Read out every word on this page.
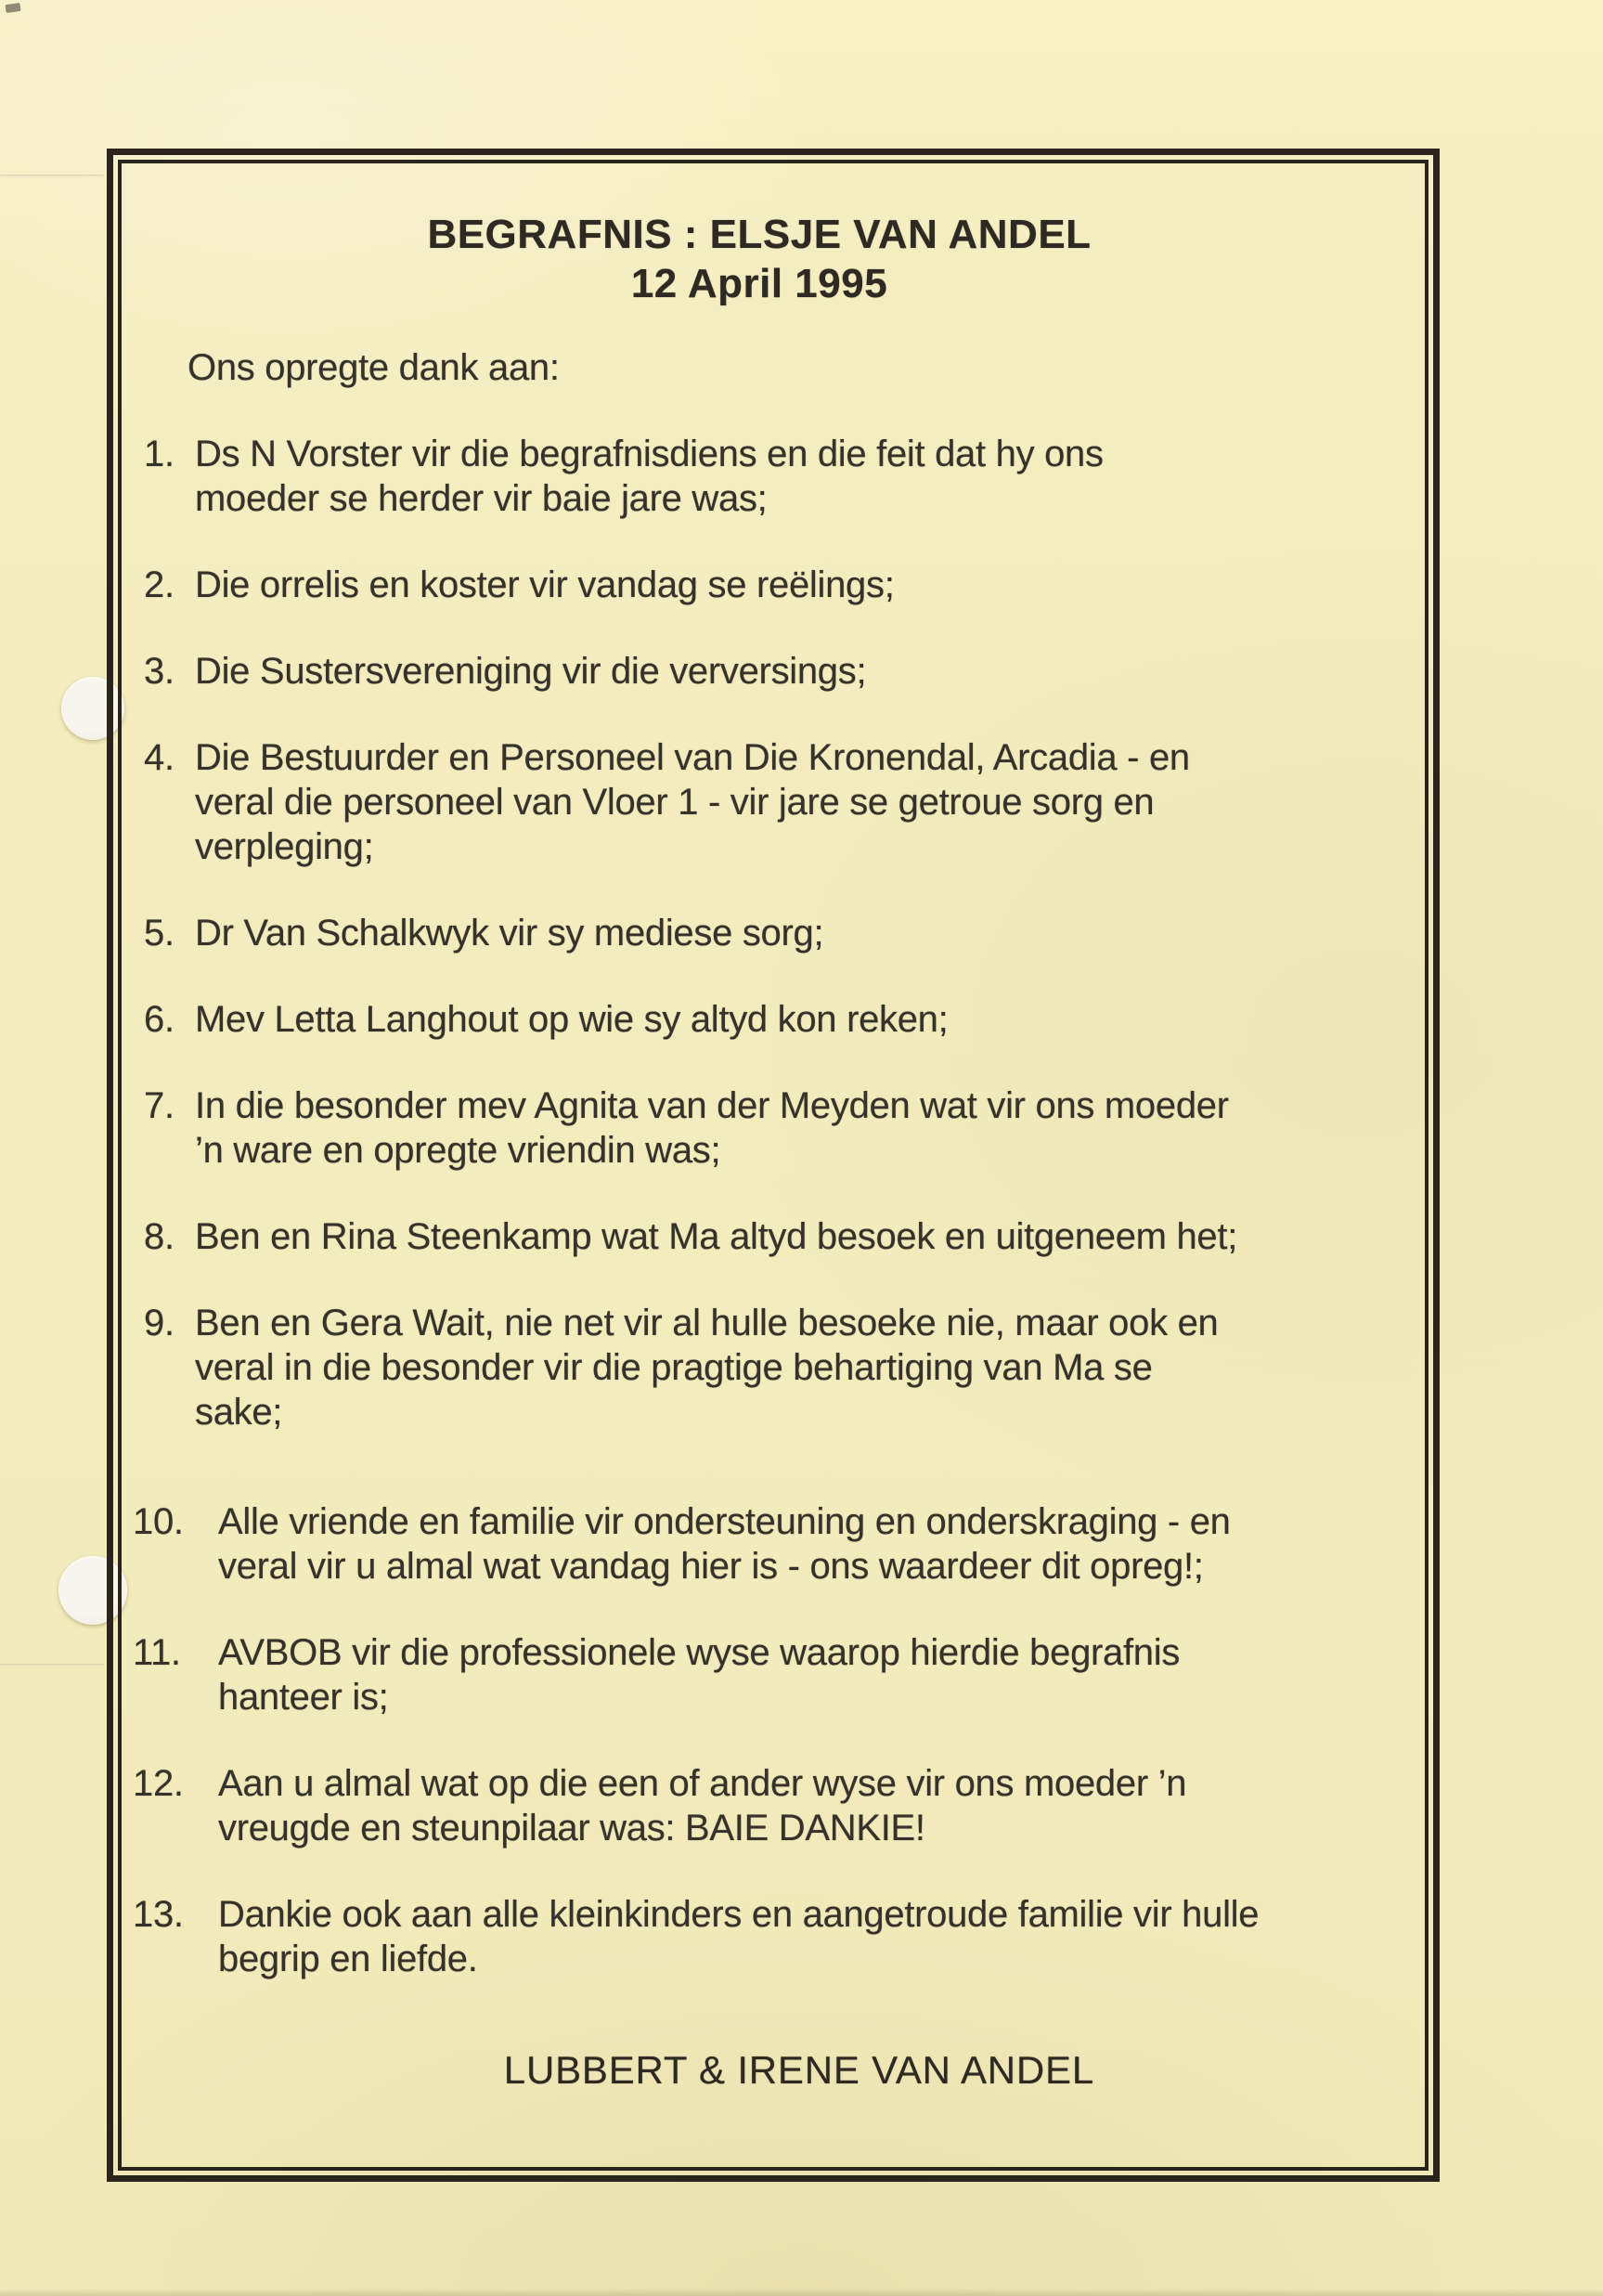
BEGRAFNIS : ELSJE VAN ANDEL
12 April 1995
Ons opregte dank aan:
1. Ds N Vorster vir die begrafnisdiens en die feit dat hy ons
moeder se herder vir baie jare was;
2. Die orrelis en koster vir vandag se reëlings;
3. Die Sustersvereniging vir die verversings;
4. Die Bestuurder en Personeel van Die Kronendal, Arcadia - en
veral die personeel van Vloer 1 - vir jare se getroue sorg en
verpleging;
5. Dr Van Schalkwyk vir sy mediese sorg;
6. Mev Letta Langhout op wie sy altyd kon reken;
7. In die besonder mev Agnita van der Meyden wat vir ons moeder
’n ware en opregte vriendin was;
8. Ben en Rina Steenkamp wat Ma altyd besoek en uitgeneem het;
9. Ben en Gera Wait, nie net vir al hulle besoeke nie, maar ook en
veral in die besonder vir die pragtige behartiging van Ma se
sake;
10. Alle vriende en familie vir ondersteuning en onderskraging - en
veral vir u almal wat vandag hier is - ons waardeer dit opreg!;
11.	AVBOB vir die professionele wyse waarop hierdie begrafnis
hanteer is;
12. Aan u almal wat op die een of ander wyse vir ons moeder ’n
vreugde en steunpilaar was: BAIE DANKIE!
13. Dankie ook aan alle kleinkinders en aangetroude familie vir hulle
begrip en liefde.
LUBBERT & IRENE VAN ANDEL
